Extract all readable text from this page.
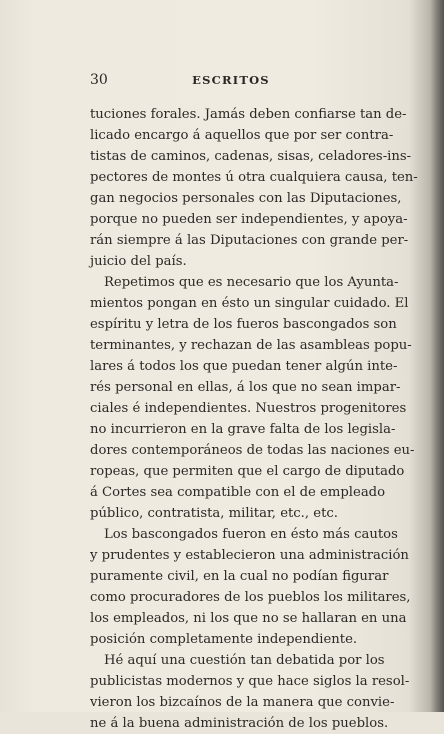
30	ESCRITOS
tuciones forales. Jamás deben confiarse tan de-
licado encargo á aquellos que por ser contra-
tistas de caminos, cadenas, sisas, celadores-ins-
pectores de montes ú otra cualquiera causa, ten-
gan negocios personales con las Diputaciones,
porque no pueden ser independientes, y apoya-
rán siempre á las Diputaciones con grande per-
juicio del país.
Repetimos que es necesario que los Ayunta-
mientos pongan en ésto un singular cuidado. El
espíritu y letra de los fueros bascongados son
terminantes, y rechazan de las asambleas popu-
lares á todos los que puedan tener algún inte-
rés personal en ellas, á los que no sean impar-
ciales é independientes. Nuestros progenitores
no incurrieron en la grave falta de los legisla-
dores contemporáneos de todas las naciones eu-
ropeas, que permiten que el cargo de diputado
á Cortes sea compatible con el de empleado
público, contratista, militar, etc., etc.
Los bascongados fueron en ésto más cautos
y prudentes y establecieron una administración
puramente civil, en la cual no podían figurar
como procuradores de los pueblos los militares,
los empleados, ni los que no se hallaran en una
posición completamente independiente.
Hé aquí una cuestión tan debatida por los
publicistas modernos y que hace siglos la resol-
vieron los bizcaínos de la manera que convie-
ne á la buena administración de los pueblos.
